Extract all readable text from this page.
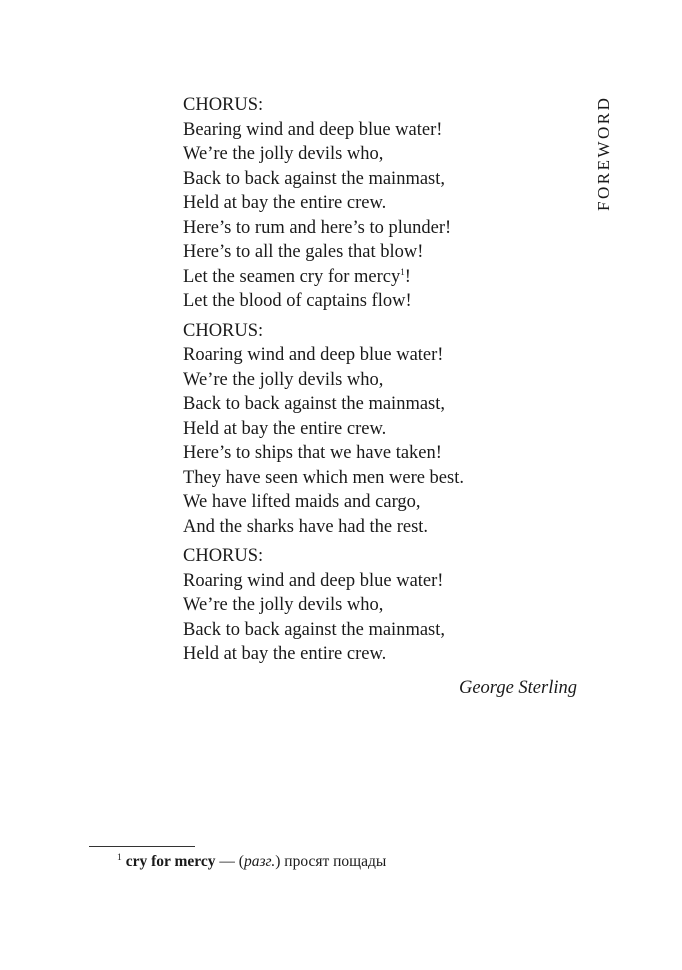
FOREWORD
CHORUS:
Bearing wind and deep blue water!
We’re the jolly devils who,
Back to back against the mainmast,
Held at bay the entire crew.
Here’s to rum and here’s to plunder!
Here’s to all the gales that blow!
Let the seamen cry for mercy$^1$!
Let the blood of captains flow!
CHORUS:
Roaring wind and deep blue water!
We’re the jolly devils who,
Back to back against the mainmast,
Held at bay the entire crew.
Here’s to ships that we have taken!
They have seen which men were best.
We have lifted maids and cargo,
And the sharks have had the rest.
CHORUS:
Roaring wind and deep blue water!
We’re the jolly devils who,
Back to back against the mainmast,
Held at bay the entire crew.
George Sterling
$^1$ cry for mercy — (разг.) просят пощады
